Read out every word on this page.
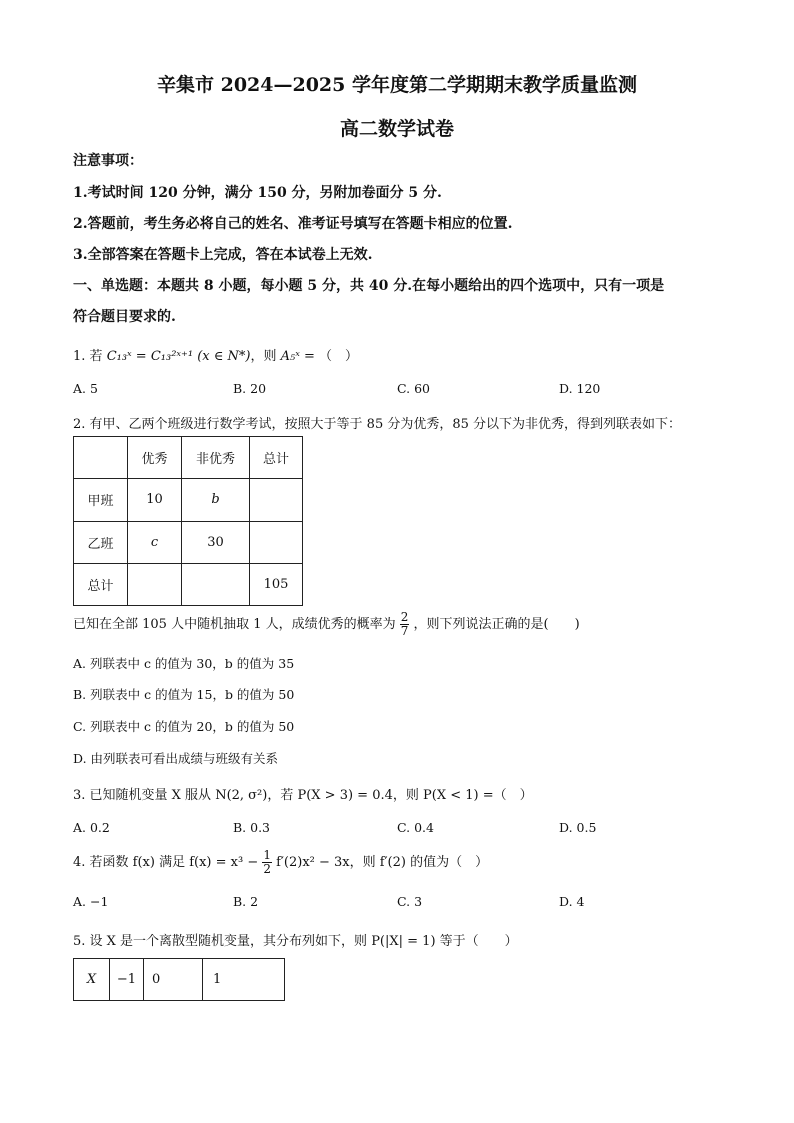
辛集市 2024—2025 学年度第二学期期末教学质量监测
高二数学试卷
注意事项：
1.考试时间 120 分钟，满分 150 分，另附加卷面分 5 分.
2.答题前，考生务必将自己的姓名、准考证号填写在答题卡相应的位置.
3.全部答案在答题卡上完成，答在本试卷上无效.
一、单选题：本题共 8 小题，每小题 5 分，共 40 分.在每小题给出的四个选项中，只有一项是
符合题目要求的.
1. 若 C₁₃ˣ = C₁₃²ˣ⁺¹ (x ∈ N*)，则 A₅ˣ = （　）
A. 5	B. 20	C. 60	D. 120
2. 有甲、乙两个班级进行数学考试，按照大于等于 85 分为优秀，85 分以下为非优秀，得到列联表如下：
	优秀	非优秀	总计
甲班	10	b	
乙班	c	30	
总计			105
已知在全部 105 人中随机抽取 1 人，成绩优秀的概率为 $\frac{2}{7}$ ，则下列说法正确的是(　　)
A. 列联表中 c 的值为 30，b 的值为 35
B. 列联表中 c 的值为 15，b 的值为 50
C. 列联表中 c 的值为 20，b 的值为 50
D. 由列联表可看出成绩与班级有关系
3. 已知随机变量 X 服从 N(2, σ²)，若 P(X > 3) = 0.4，则 P(X < 1) =（　）
A. 0.2	B. 0.3	C. 0.4	D. 0.5
4. 若函数 f(x) 满足 $f(x) = x^3 - \frac{1}{2} f'(2)x^2 - 3x$，则 f′(2) 的值为（　）
A. −1	B. 2	C. 3	D. 4
5. 设 X 是一个离散型随机变量，其分布列如下，则 P(|X| = 1) 等于（　　）
X	−1	0	1
